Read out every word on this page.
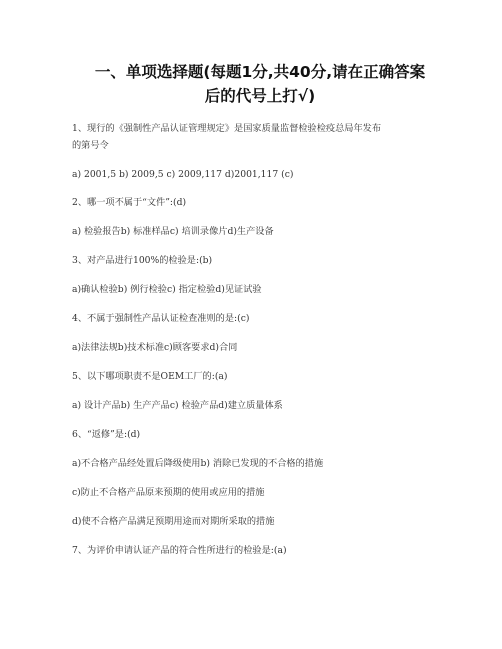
一、单项选择题(每题1分,共40分,请在正确答案
后的代号上打√)
1、现行的《强制性产品认证管理规定》是国家质量监督检验检疫总局年发布
的第号令
a) 2001,5 b) 2009,5 c) 2009,117 d)2001,117 (c)
2、哪一项不属于“文件”:(d)
a) 检验报告b) 标准样品c) 培训录像片d)生产设备
3、对产品进行100%的检验是:(b)
a)确认检验b) 例行检验c) 指定检验d)见证试验
4、不属于强制性产品认证检查准则的是:(c)
a)法律法规b)技术标准c)顾客要求d)合同
5、以下哪项职责不是OEM工厂的:(a)
a) 设计产品b) 生产产品c) 检验产品d)建立质量体系
6、“返修”是:(d)
a)不合格产品经处置后降级使用b) 消除已发现的不合格的措施
c)防止不合格产品原来预期的使用或应用的措施
d)使不合格产品满足预期用途而对期所采取的措施
7、为评价申请认证产品的符合性所进行的检验是:(a)
